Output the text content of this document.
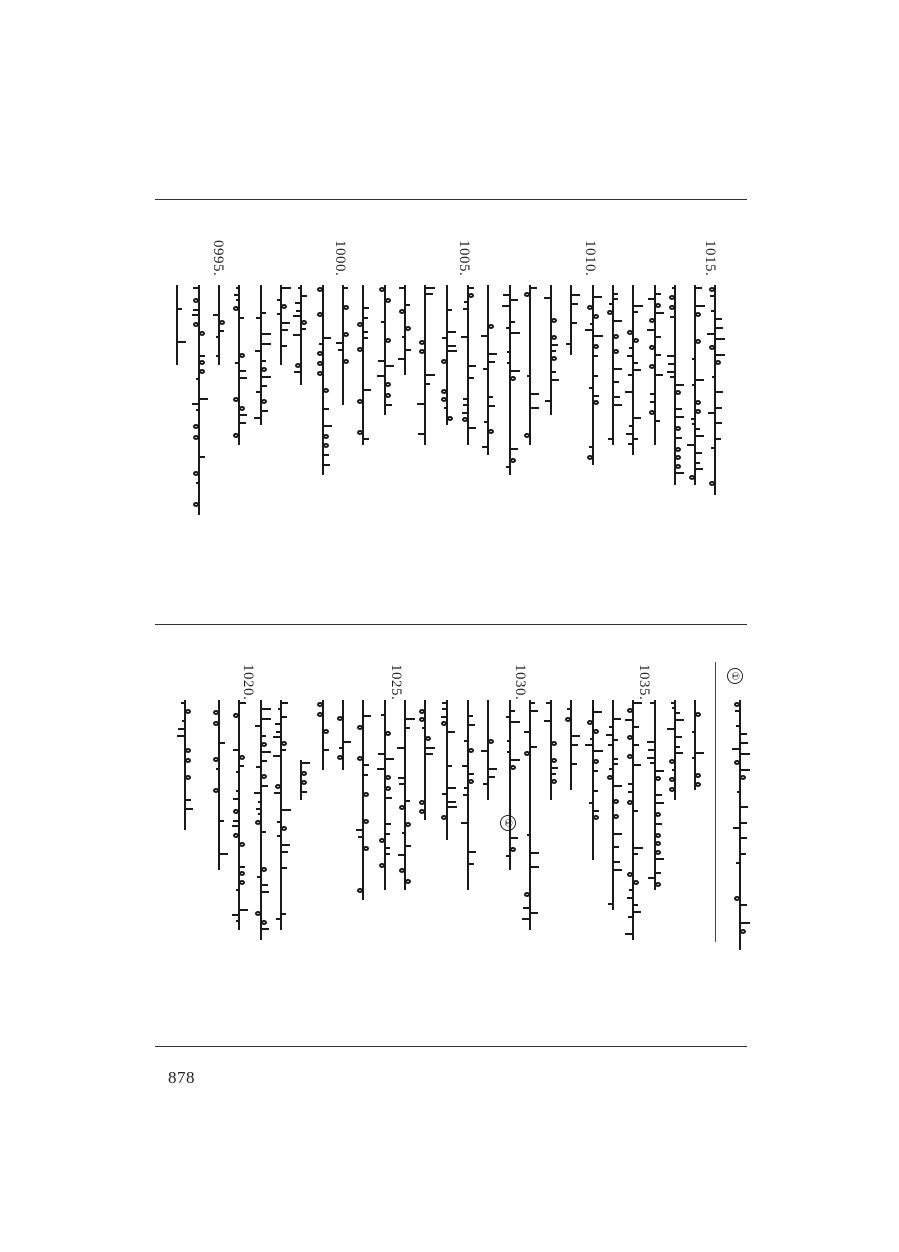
1015.
1010.
1005.
1000.
0995.
1035.
1030.
1025.
1020.	①
①
878
